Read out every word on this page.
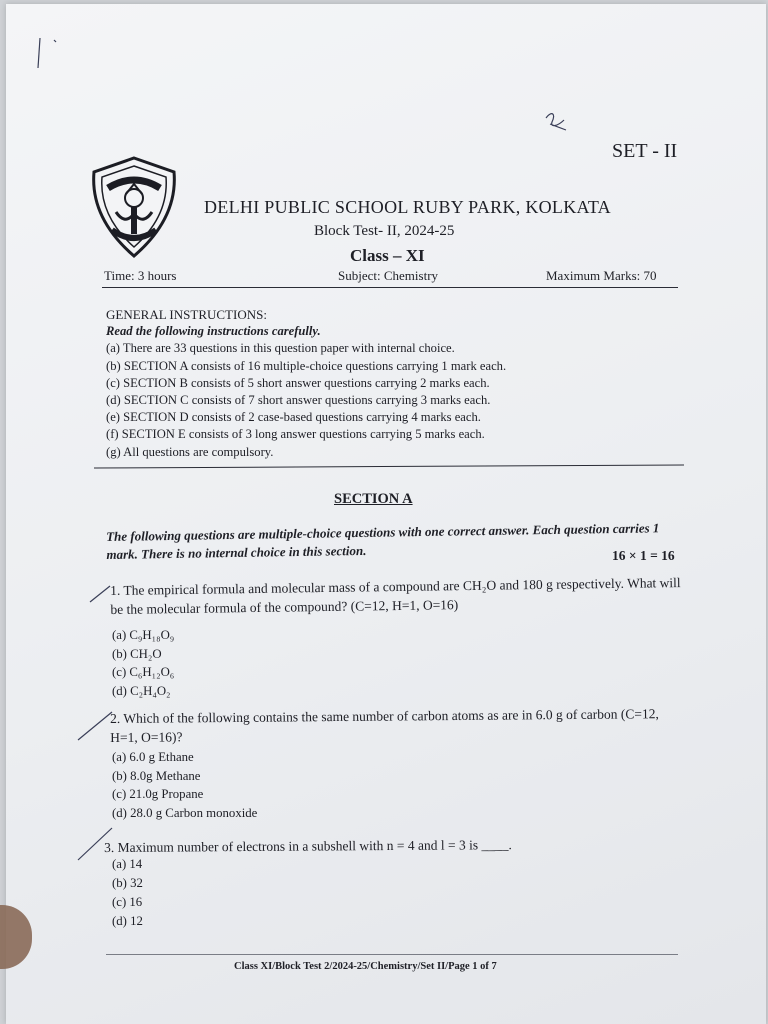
SET - II
DELHI PUBLIC SCHOOL RUBY PARK, KOLKATA
Block Test- II, 2024-25
Class – XI
Time: 3 hours	Subject: Chemistry	Maximum Marks: 70
GENERAL INSTRUCTIONS:
Read the following instructions carefully.
(a) There are 33 questions in this question paper with internal choice.
(b) SECTION A consists of 16 multiple-choice questions carrying 1 mark each.
(c) SECTION B consists of 5 short answer questions carrying 2 marks each.
(d) SECTION C consists of 7 short answer questions carrying 3 marks each.
(e) SECTION D consists of 2 case-based questions carrying 4 marks each.
(f) SECTION E consists of 3 long answer questions carrying 5 marks each.
(g) All questions are compulsory.
SECTION A
The following questions are multiple-choice questions with one correct answer. Each question carries 1 mark. There is no internal choice in this section.	16 × 1 = 16
1. The empirical formula and molecular mass of a compound are CH₂O and 180 g respectively. What will be the molecular formula of the compound? (C=12, H=1, O=16)
(a) C₉H₁₈O₉
(b) CH₂O
(c) C₆H₁₂O₆
(d) C₂H₄O₂
2. Which of the following contains the same number of carbon atoms as are in 6.0 g of carbon (C=12, H=1, O=16)?
(a) 6.0 g Ethane
(b) 8.0g Methane
(c) 21.0g Propane
(d) 28.0 g Carbon monoxide
3. Maximum number of electrons in a subshell with n = 4 and l = 3 is ____.
(a) 14
(b) 32
(c) 16
(d) 12
Class XI/Block Test 2/2024-25/Chemistry/Set II/Page 1 of 7
